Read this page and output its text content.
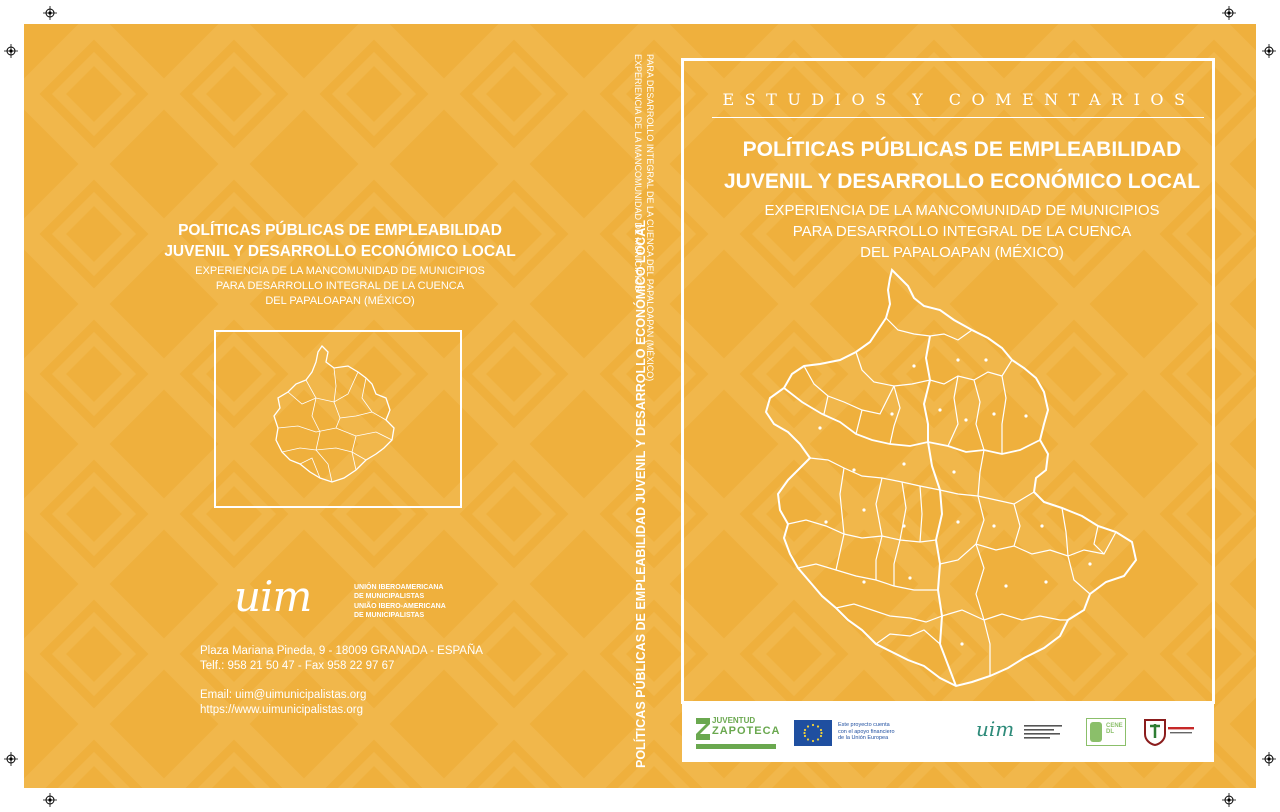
POLÍTICAS PÚBLICAS DE EMPLEABILIDAD
JUVENIL Y DESARROLLO ECONÓMICO LOCAL
EXPERIENCIA DE LA MANCOMUNIDAD DE MUNICIPIOS
PARA DESARROLLO INTEGRAL DE LA CUENCA
DEL PAPALOAPAN (MÉXICO)
uim	UNIÓN IBEROAMERICANA
DE MUNICIPALISTAS
UNIÃO IBERO-AMERICANA
DE MUNICIPALISTAS
Plaza Mariana Pineda, 9 - 18009 GRANADA - ESPAÑA
Telf.: 958 21 50 47 - Fax 958 22 97 67
Email: uim@uimunicipalistas.org
https://www.uimunicipalistas.org
EXPERIENCIA DE LA MANCOMUNIDAD DE MUNICIPIOS PARA DESARROLLO INTEGRAL DE LA CUENCA DEL PAPALOAPAN (MÉXICO)
POLÍTICAS PÚBLICAS DE EMPLEABILIDAD JUVENIL Y DESARROLLO ECONÓMICO LOCAL
ESTUDIOS Y COMENTARIOS
POLÍTICAS PÚBLICAS DE EMPLEABILIDAD
JUVENIL Y DESARROLLO ECONÓMICO LOCAL
EXPERIENCIA DE LA MANCOMUNIDAD DE MUNICIPIOS
PARA DESARROLLO INTEGRAL DE LA CUENCA
DEL PAPALOAPAN (MÉXICO)
JUVENTUD
ZAPOTECA	Este proyecto cuenta
con el apoyo financiero
de la Unión Europea	uim	CENEDL
